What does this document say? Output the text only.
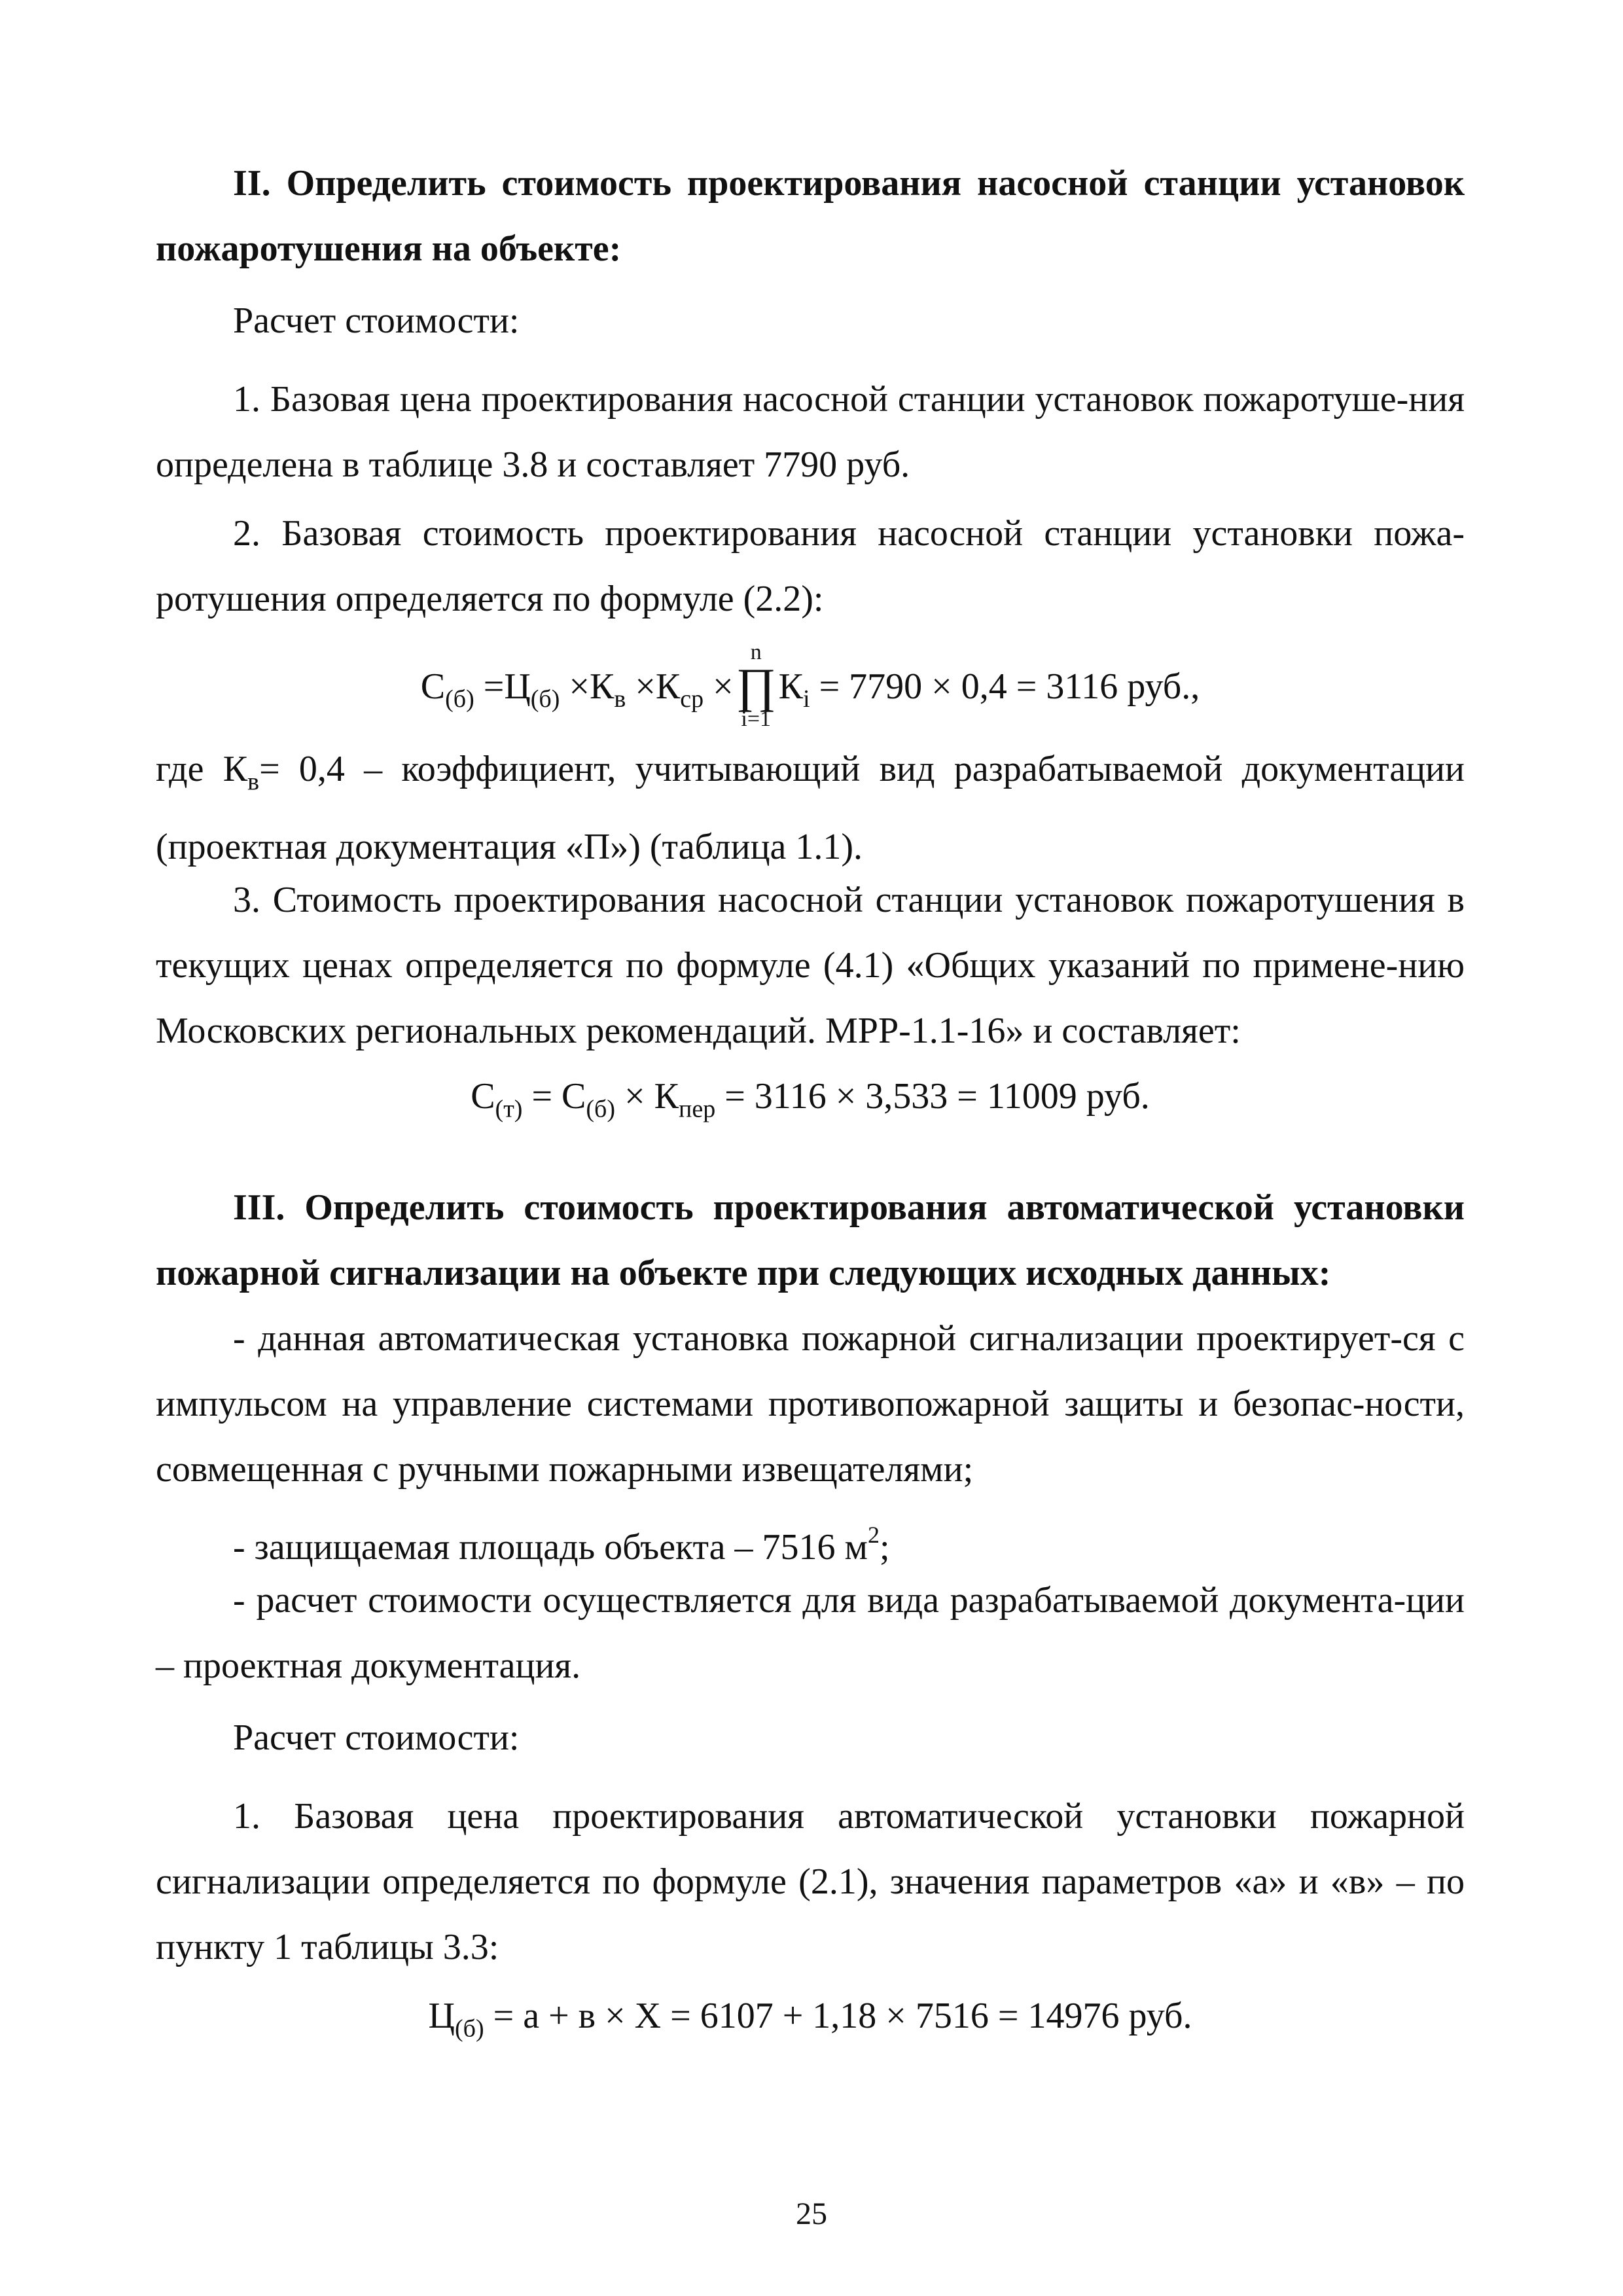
II. Определить стоимость проектирования насосной станции установок пожаротушения на объекте:
Расчет стоимости:
1. Базовая цена проектирования насосной станции установок пожаротуше-ния определена в таблице 3.8 и составляет 7790 руб.
2. Базовая стоимость проектирования насосной станции установки пожа-ротушения определяется по формуле (2.2):
$С_{(б)} =Ц_{(б)} \times К_в \times К_{ср}$ ×
n
∏
i=1
$К_i = 7790 \times 0,4 = 3116$ руб.,
где $К_в= 0,4$ – коэффициент, учитывающий вид разрабатываемой документации (проектная документация «П») (таблица 1.1).
3. Стоимость проектирования насосной станции установок пожаротушения в текущих ценах определяется по формуле (4.1) «Общих указаний по примене-нию Московских региональных рекомендаций. МРР-1.1-16» и составляет:
$С_{(т)} = С_{(б)} \times К_{пер} = 3116 \times 3,533 = 11009$ руб.
III. Определить стоимость проектирования автоматической установки пожарной сигнализации на объекте при следующих исходных данных:
- данная автоматическая установка пожарной сигнализации проектирует-ся с импульсом на управление системами противопожарной защиты и безопас-ности, совмещенная с ручными пожарными извещателями;
- защищаемая площадь объекта – 7516 $м^2$;
- расчет стоимости осуществляется для вида разрабатываемой документа-ции – проектная документация.
Расчет стоимости:
1. Базовая цена проектирования автоматической установки пожарной сигнализации определяется по формуле (2.1), значения параметров «а» и «в» – по пункту 1 таблицы 3.3:
$Ц_{(б)} = а + в \times Х = 6107 + 1,18 \times 7516 = 14976$ руб.
25
